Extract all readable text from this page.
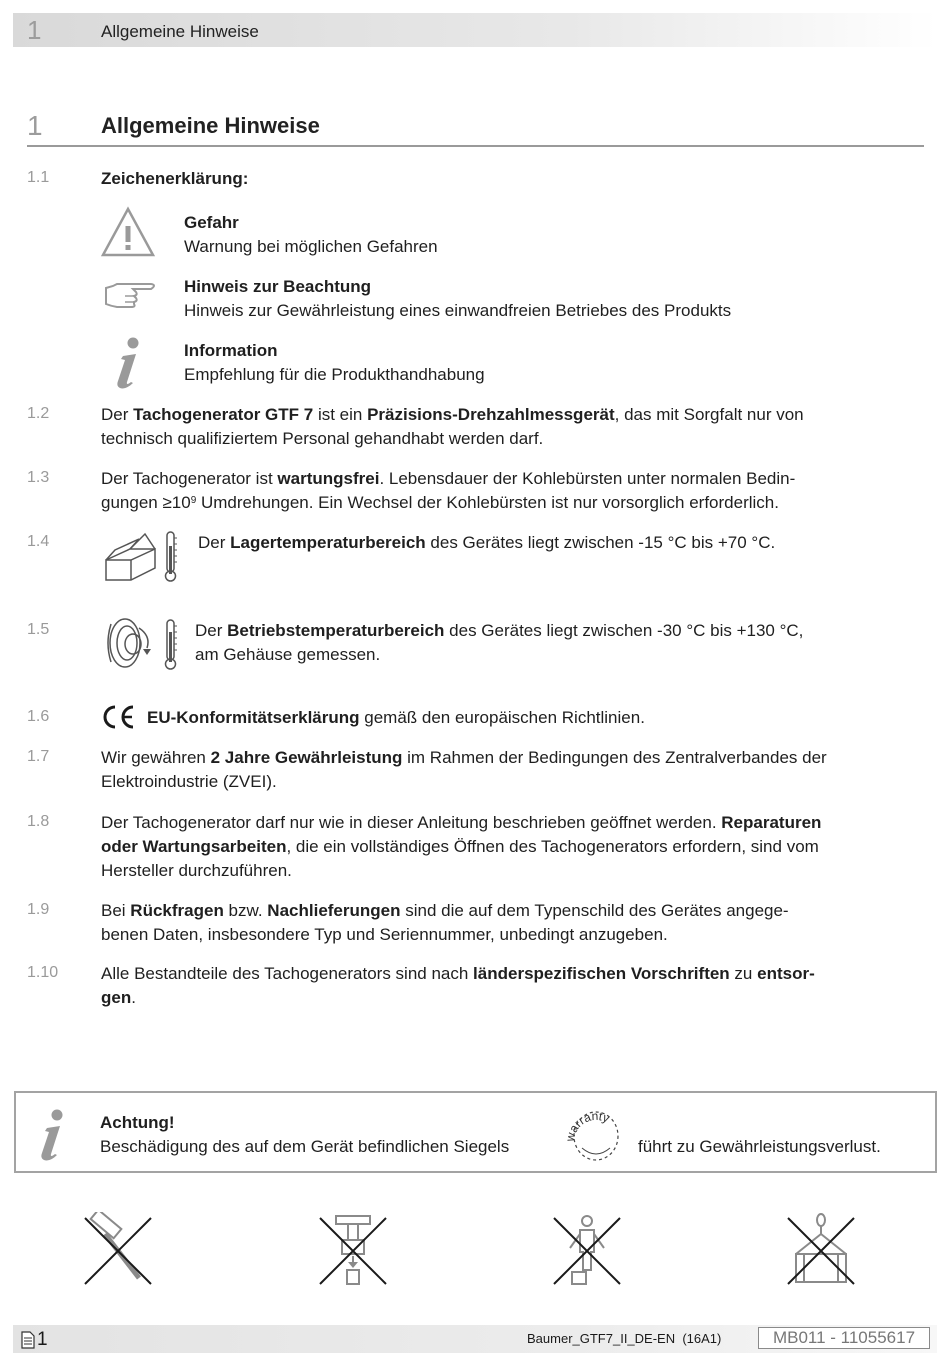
1	Allgemeine Hinweise
1	Allgemeine Hinweise
1.1	Zeichenerklärung:
Gefahr
Warnung bei möglichen Gefahren
Hinweis zur Beachtung
Hinweis zur Gewährleistung eines einwandfreien Betriebes des Produkts
Information
Empfehlung für die Produkthandhabung
1.2	Der Tachogenerator GTF 7 ist ein Präzisions-Drehzahlmessgerät, das mit Sorgfalt nur von
technisch qualifiziertem Personal gehandhabt werden darf.
1.3	Der Tachogenerator ist wartungsfrei. Lebensdauer der Kohlebürsten unter normalen Bedin-
gungen $\ge 10^9$ Umdrehungen. Ein Wechsel der Kohlebürsten ist nur vorsorglich erforderlich.
1.4	Der Lagertemperaturbereich des Gerätes liegt zwischen -15 °C bis +70 °C.
1.5	Der Betriebstemperaturbereich des Gerätes liegt zwischen -30 °C bis +130 °C,
am Gehäuse gemessen.
1.6	EU-Konformitätserklärung gemäß den europäischen Richtlinien.
1.7	Wir gewähren 2 Jahre Gewährleistung im Rahmen der Bedingungen des Zentralverbandes der
Elektroindustrie (ZVEI).
1.8	Der Tachogenerator darf nur wie in dieser Anleitung beschrieben geöffnet werden. Reparaturen
oder Wartungsarbeiten, die ein vollständiges Öffnen des Tachogenerators erfordern, sind vom
Hersteller durchzuführen.
1.9	Bei Rückfragen bzw. Nachlieferungen sind die auf dem Typenschild des Gerätes angege-
benen Daten, insbesondere Typ und Seriennummer, unbedingt anzugeben.
1.10	Alle Bestandteile des Tachogenerators sind nach länderspezifischen Vorschriften zu entsor-
gen.
Achtung!
Beschädigung des auf dem Gerät befindlichen Siegels	warranty
führt zu Gewährleistungsverlust.
1	Baumer_GTF7_II_DE-EN  (16A1)	MB011 - 11055617
